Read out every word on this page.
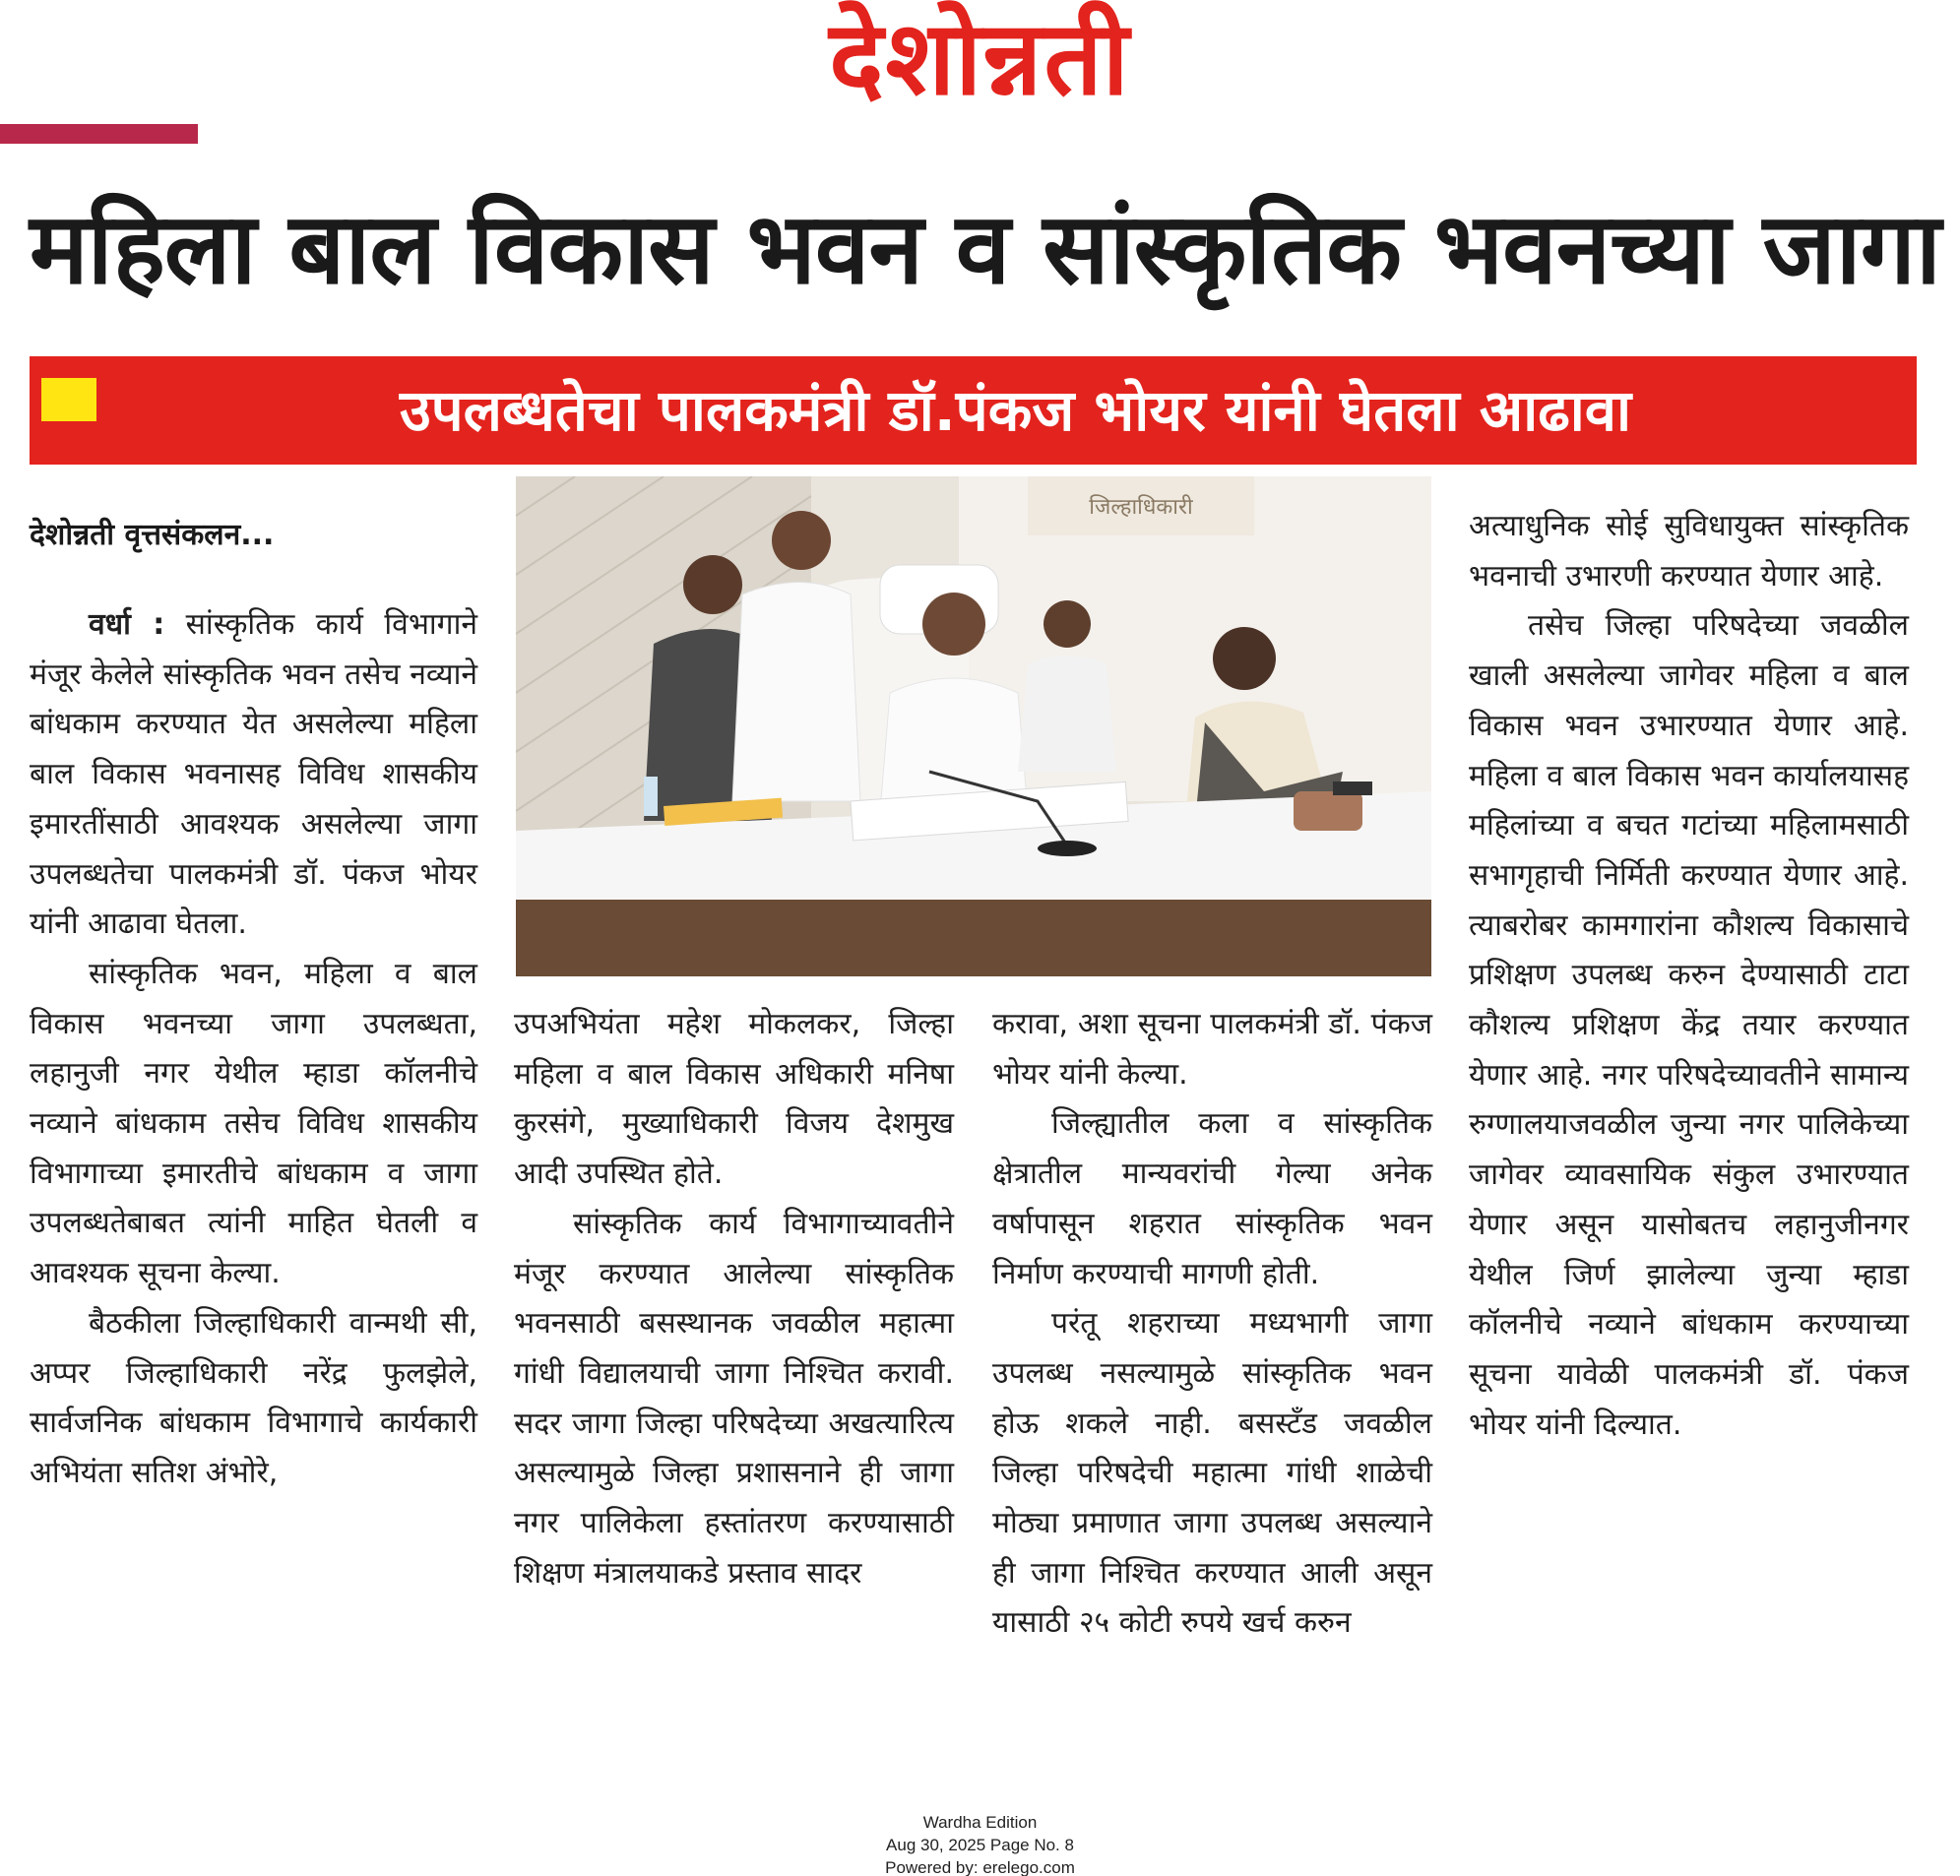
देशोन्नती
महिला बाल विकास भवन व सांस्कृतिक भवनच्या जागा
उपलब्धतेचा पालकमंत्री डॉ.पंकज भोयर यांनी घेतला आढावा
देशोन्नती वृत्तसंकलन...

वर्धा : सांस्कृतिक कार्य विभागाने मंजूर केलेले सांस्कृतिक भवन तसेच नव्याने बांधकाम करण्यात येत असलेल्या महिला बाल विकास भवनासह विविध शासकीय इमारतींसाठी आवश्यक असलेल्या जागा उपलब्धतेचा पालकमंत्री डॉ. पंकज भोयर यांनी आढावा घेतला.

सांस्कृतिक भवन, महिला व बाल विकास भवनच्या जागा उपलब्धता, लहानुजी नगर येथील म्हाडा कॉलनीचे नव्याने बांधकाम तसेच विविध शासकीय विभागाच्या इमारतीचे बांधकाम व जागा उपलब्धतेबाबत त्यांनी माहित घेतली व आवश्यक सूचना केल्या.

बैठकीला जिल्हाधिकारी वान्मथी सी, अप्पर जिल्हाधिकारी नरेंद्र फुलझेले, सार्वजनिक बांधकाम विभागाचे कार्यकारी अभियंता सतिश अंभोरे,

जिल्हाधिकारी

उपअभियंता महेश मोकलकर, जिल्हा महिला व बाल विकास अधिकारी मनिषा कुरसंगे, मुख्याधिकारी विजय देशमुख आदी उपस्थित होते.

सांस्कृतिक कार्य विभागाच्यावतीने मंजूर करण्यात आलेल्या सांस्कृतिक भवनसाठी बसस्थानक जवळील महात्मा गांधी विद्यालयाची जागा निश्चित करावी. सदर जागा जिल्हा परिषदेच्या अखत्यारित्य असल्यामुळे जिल्हा प्रशासनाने ही जागा नगर पालिकेला हस्तांतरण करण्यासाठी शिक्षण मंत्रालयाकडे प्रस्ताव सादर

करावा, अशा सूचना पालकमंत्री डॉ. पंकज भोयर यांनी केल्या.

जिल्ह्यातील कला व सांस्कृतिक क्षेत्रातील मान्यवरांची गेल्या अनेक वर्षापासून शहरात सांस्कृतिक भवन निर्माण करण्याची मागणी होती.

परंतू शहराच्या मध्यभागी जागा उपलब्ध नसल्यामुळे सांस्कृतिक भवन होऊ शकले नाही. बसस्टॅंड जवळील जिल्हा परिषदेची महात्मा गांधी शाळेची मोठ्या प्रमाणात जागा उपलब्ध असल्याने ही जागा निश्चित करण्यात आली असून यासाठी २५ कोटी रुपये खर्च करुन

अत्याधुनिक सोई सुविधायुक्त सांस्कृतिक भवनाची उभारणी करण्यात येणार आहे.

तसेच जिल्हा परिषदेच्या जवळील खाली असलेल्या जागेवर महिला व बाल विकास भवन उभारण्यात येणार आहे. महिला व बाल विकास भवन कार्यालयासह महिलांच्या व बचत गटांच्या महिलामसाठी सभागृहाची निर्मिती करण्यात येणार आहे. त्याबरोबर कामगारांना कौशल्य विकासाचे प्रशिक्षण उपलब्ध करुन देण्यासाठी टाटा कौशल्य प्रशिक्षण केंद्र तयार करण्यात येणार आहे. नगर परिषदेच्यावतीने सामान्य रुग्णालयाजवळील जुन्या नगर पालिकेच्या जागेवर व्यावसायिक संकुल उभारण्यात येणार असून यासोबतच लहानुजीनगर येथील जिर्ण झालेल्या जुन्या म्हाडा कॉलनीचे नव्याने बांधकाम करण्याच्या सूचना यावेळी पालकमंत्री डॉ. पंकज भोयर यांनी दिल्यात.

Wardha Edition
Aug 30, 2025 Page No. 8
Powered by: erelego.com
